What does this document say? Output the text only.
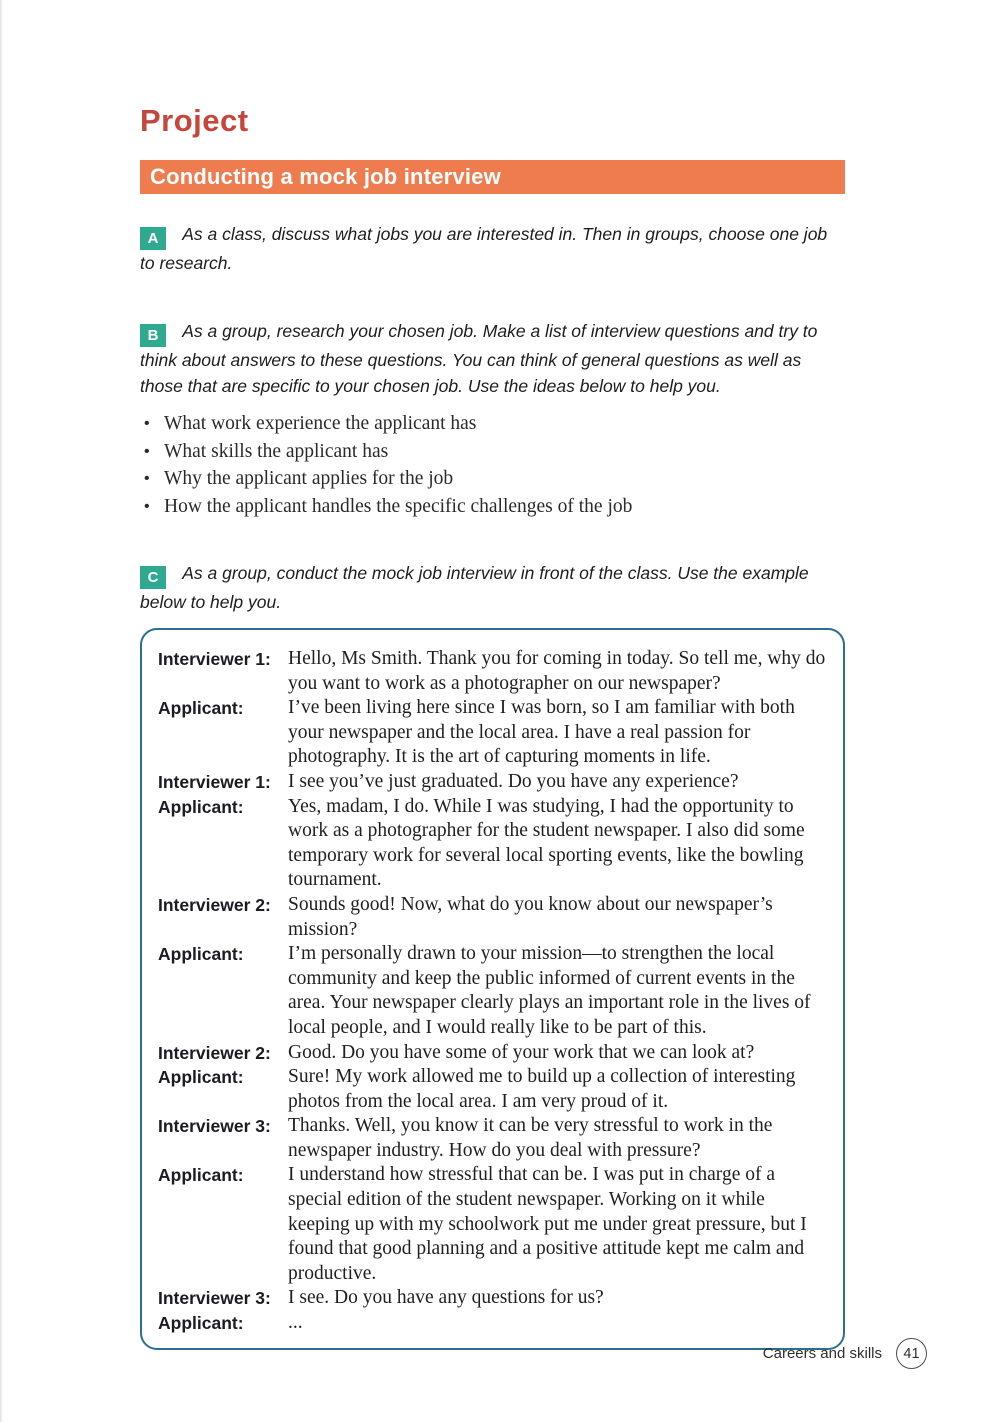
Project
Conducting a mock job interview

A As a class, discuss what jobs you are interested in. Then in groups, choose one job to research.

B As a group, research your chosen job. Make a list of interview questions and try to think about answers to these questions. You can think of general questions as well as those that are specific to your chosen job. Use the ideas below to help you.

• What work experience the applicant has
• What skills the applicant has
• Why the applicant applies for the job
• How the applicant handles the specific challenges of the job

C As a group, conduct the mock job interview in front of the class. Use the example below to help you.

Interviewer 1: Hello, Ms Smith. Thank you for coming in today. So tell me, why do you want to work as a photographer on our newspaper?
Applicant:	I’ve been living here since I was born, so I am familiar with both your newspaper and the local area. I have a real passion for photography. It is the art of capturing moments in life.
Interviewer 1: I see you’ve just graduated. Do you have any experience?
Applicant:	Yes, madam, I do. While I was studying, I had the opportunity to work as a photographer for the student newspaper. I also did some temporary work for several local sporting events, like the bowling tournament.
Interviewer 2: Sounds good! Now, what do you know about our newspaper’s mission?
Applicant:	I’m personally drawn to your mission—to strengthen the local community and keep the public informed of current events in the area. Your newspaper clearly plays an important role in the lives of local people, and I would really like to be part of this.
Interviewer 2: Good. Do you have some of your work that we can look at?
Applicant:	Sure! My work allowed me to build up a collection of interesting photos from the local area. I am very proud of it.
Interviewer 3: Thanks. Well, you know it can be very stressful to work in the newspaper industry. How do you deal with pressure?
Applicant:	I understand how stressful that can be. I was put in charge of a special edition of the student newspaper. Working on it while keeping up with my schoolwork put me under great pressure, but I found that good planning and a positive attitude kept me calm and productive.
Interviewer 3: I see. Do you have any questions for us?
Applicant:	...
Careers and skills	41
